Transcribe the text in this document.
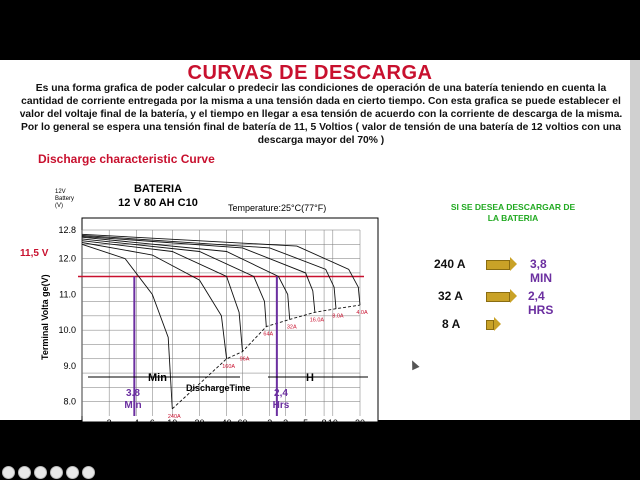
CURVAS DE DESCARGA
Es una forma grafica de poder calcular o predecir las condiciones de operación de una batería teniendo en cuenta la cantidad de corriente entregada por la misma a una tensión dada en cierto tiempo. Con esta grafica se puede establecer el valor del voltaje final de la batería, y el tiempo en llegar a esa tensión de acuerdo con la corriente de descarga de la misma. Por lo general se espera una tensión final de batería de 11, 5 Voltios ( valor de tensión de una batería de 12 voltios con una descarga mayor del 70% )
Discharge characteristic Curve
8.0
9.0
10.0
11.0
12.0
12.8
1 2 4 6 10 20 40 60 2 3 5 8 10 20
240A
160A
96A
64A
32A
16.0A
8.0A
4.0A
BATERIA
12 V 80 AH C10	Temperature:25°C(77°F)
12V Battery (V)
Terminal Volta ge(V)
DischargeTime
Min	H
11,5 V
3.8
Min
2,4
Hrs
SI SE DESEA DESCARGAR DE
LA BATERIA
240 A	3,8 MIN
32 A	2,4 HRS
8 A
